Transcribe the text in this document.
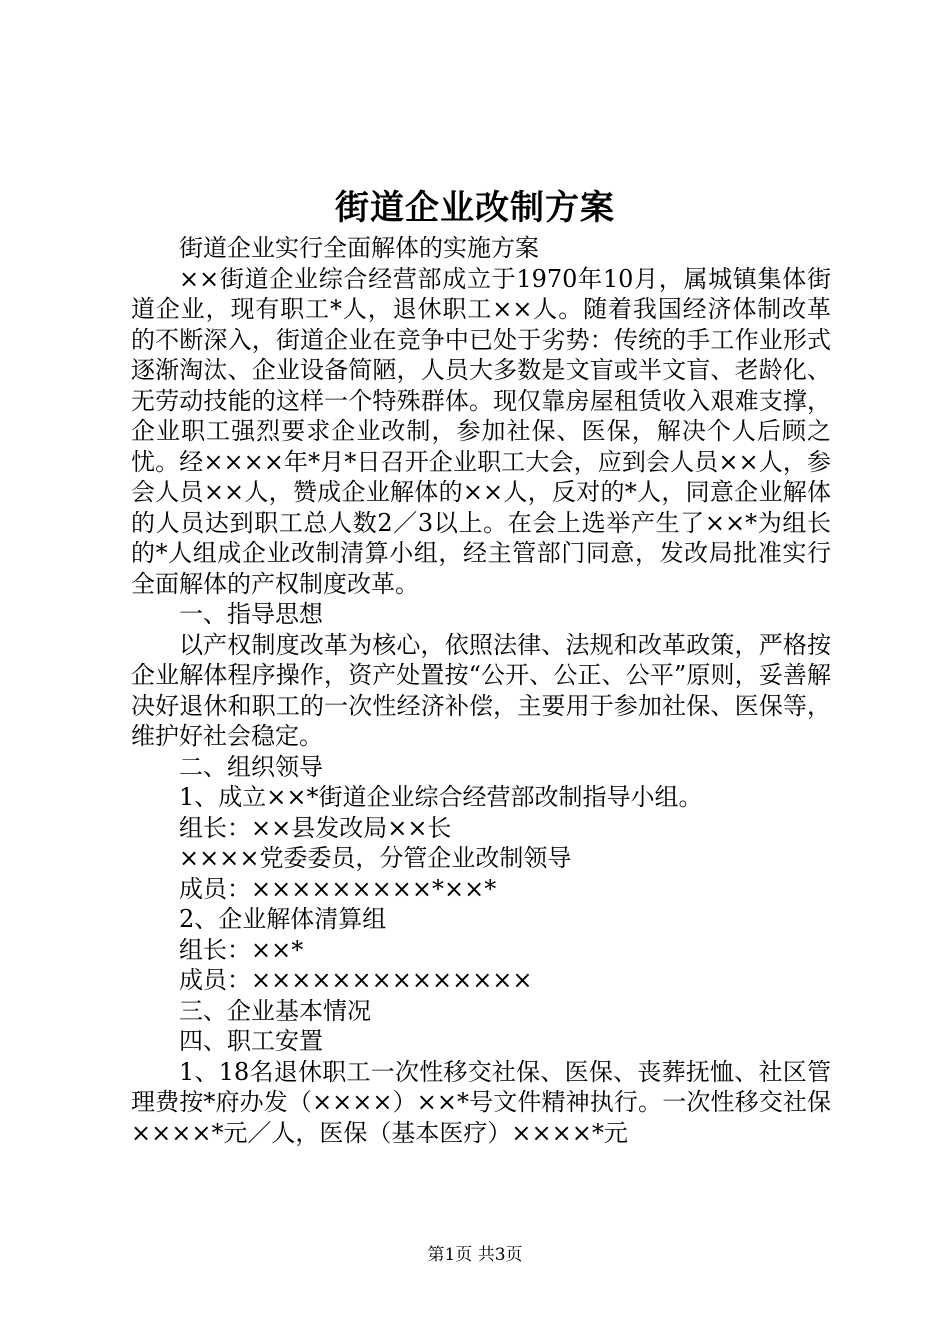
街道企业改制方案

街道企业实行全面解体的实施方案

××街道企业综合经营部成立于1970年10月，属城镇集体街道企业，现有职工*人，退休职工××人。随着我国经济体制改革的不断深入，街道企业在竞争中已处于劣势：传统的手工作业形式逐渐淘汰、企业设备简陋，人员大多数是文盲或半文盲、老龄化、无劳动技能的这样一个特殊群体。现仅靠房屋租赁收入艰难支撑，企业职工强烈要求企业改制，参加社保、医保，解决个人后顾之忧。经××××年*月*日召开企业职工大会，应到会人员××人，参会人员××人，赞成企业解体的××人，反对的*人，同意企业解体的人员达到职工总人数2／3以上。在会上选举产生了××*为组长的*人组成企业改制清算小组，经主管部门同意，发改局批准实行全面解体的产权制度改革。

一、指导思想

以产权制度改革为核心，依照法律、法规和改革政策，严格按企业解体程序操作，资产处置按“公开、公正、公平”原则，妥善解决好退休和职工的一次性经济补偿，主要用于参加社保、医保等，维护好社会稳定。

二、组织领导

1、成立××*街道企业综合经营部改制指导小组。

组长：××县发改局××长

××××党委委员，分管企业改制领导

成员：×××××××××*××*

2、企业解体清算组

组长：××*

成员：××××××××××××××

三、企业基本情况

四、职工安置

1、18名退休职工一次性移交社保、医保、丧葬抚恤、社区管理费按*府办发（××××）××*号文件精神执行。一次性移交社保××××*元／人，医保（基本医疗）××××*元

第1页 共3页
